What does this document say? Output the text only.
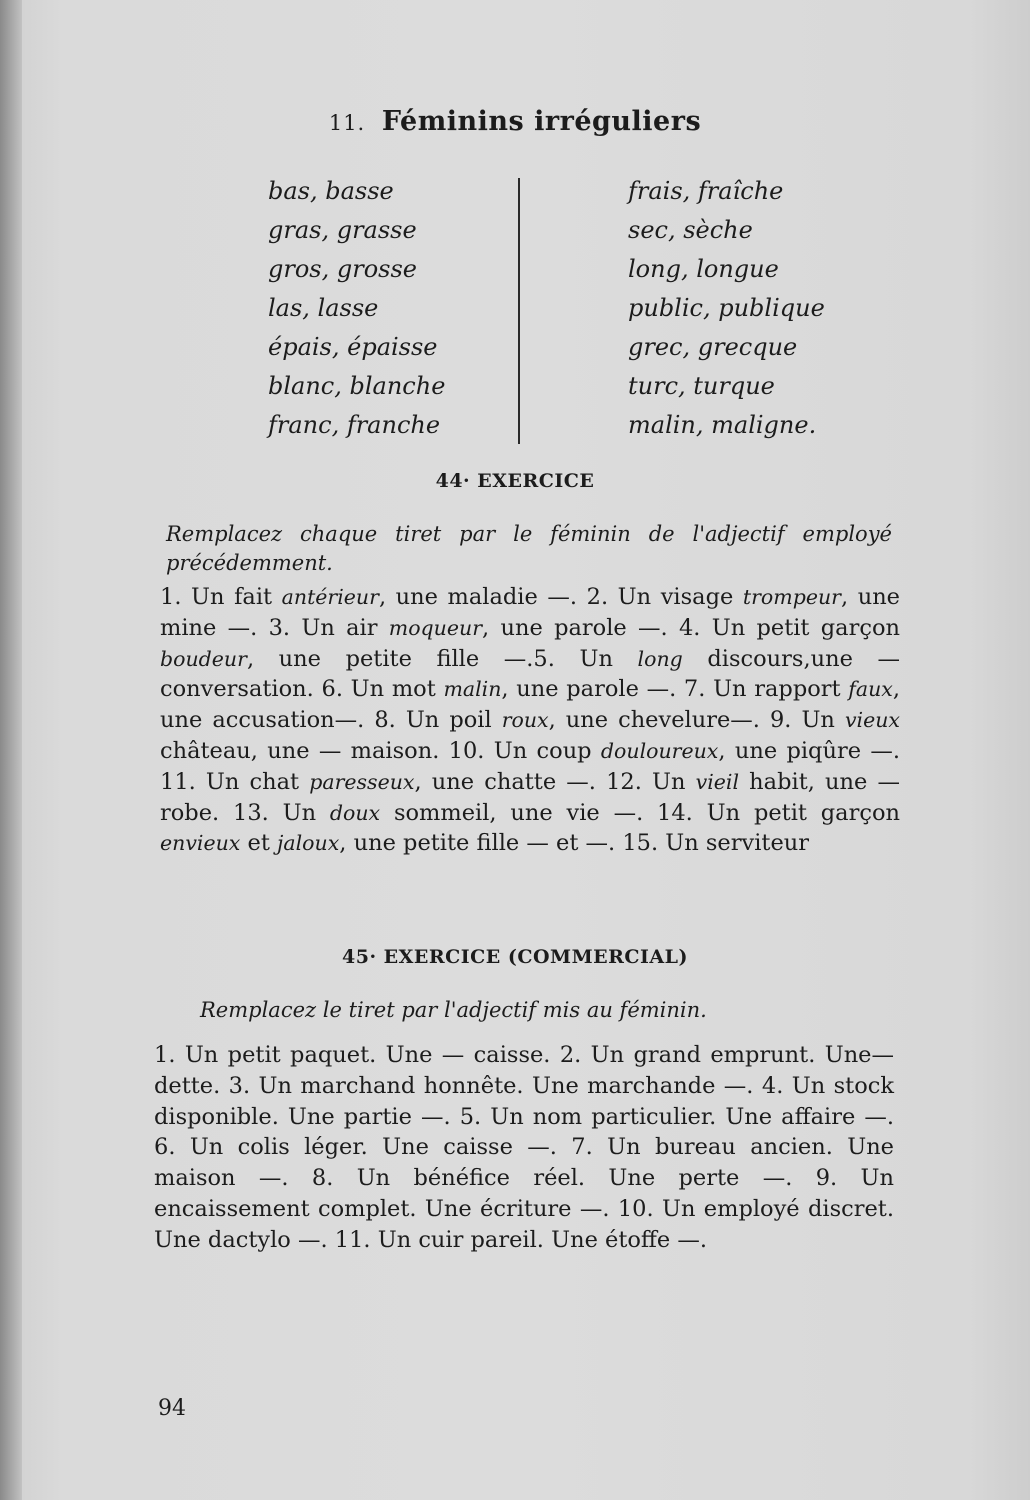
11. Féminins irréguliers
bas, basse
gras, grasse
gros, grosse
las, lasse
épais, épaisse
blanc, blanche
franc, franche
frais, fraîche
sec, sèche
long, longue
public, publique
grec, grecque
turc, turque
malin, maligne.
44· EXERCICE
Remplacez chaque tiret par le féminin de l'adjectif employé précédemment.
1. Un fait antérieur, une maladie —. 2. Un visage trompeur, une mine —. 3. Un air moqueur, une parole —. 4. Un petit garçon boudeur, une petite fille —.5. Un long discours,une — conversation. 6. Un mot malin, une parole —. 7. Un rapport faux, une accusation—. 8. Un poil roux, une chevelure—. 9. Un vieux château, une — maison. 10. Un coup douloureux, une piqûre —. 11. Un chat paresseux, une chatte —. 12. Un vieil habit, une — robe. 13. Un doux sommeil, une vie —. 14. Un petit garçon envieux et jaloux, une petite fille — et —. 15. Un serviteur
45· EXERCICE (COMMERCIAL)
Remplacez le tiret par l'adjectif mis au féminin.
1. Un petit paquet. Une — caisse. 2. Un grand emprunt. Une—dette. 3. Un marchand honnête. Une marchande —. 4. Un stock disponible. Une partie —. 5. Un nom particulier. Une affaire —. 6. Un colis léger. Une caisse —. 7. Un bureau ancien. Une maison —. 8. Un bénéfice réel. Une perte —. 9. Un encaissement complet. Une écriture —. 10. Un employé discret. Une dactylo —. 11. Un cuir pareil. Une étoffe —.
94
